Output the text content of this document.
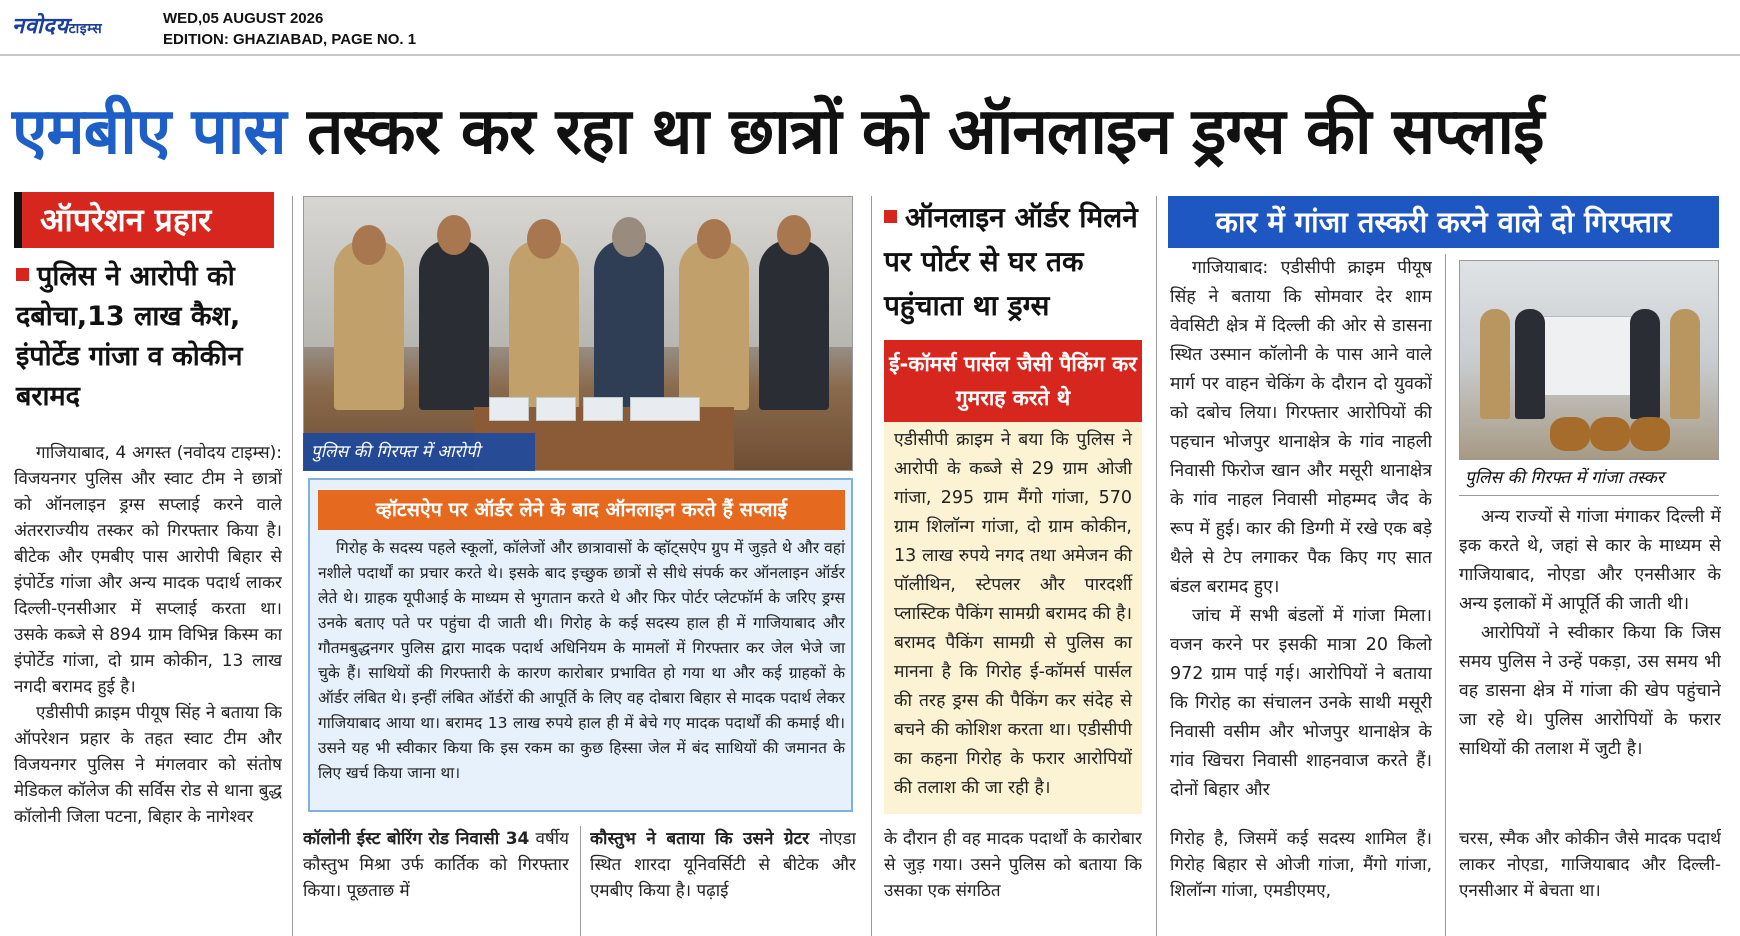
नवोदयटाइम्स
WED,05 AUGUST 2026
EDITION: GHAZIABAD, PAGE NO. 1
एमबीए पास तस्कर कर रहा था छात्रों को ऑनलाइन ड्रग्स की सप्लाई
ऑपरेशन प्रहार
पुलिस ने आरोपी को दबोचा,13 लाख कैश, इंपोर्टेड गांजा व कोकीन बरामद

गाजियाबाद, 4 अगस्त (नवोदय टाइम्स): विजयनगर पुलिस और स्वाट टीम ने छात्रों को ऑनलाइन ड्रग्स सप्लाई करने वाले अंतरराज्यीय तस्कर को गिरफ्तार किया है। बीटेक और एमबीए पास आरोपी बिहार से इंपोर्टेड गांजा और अन्य मादक पदार्थ लाकर दिल्ली-एनसीआर में सप्लाई करता था। उसके कब्जे से 894 ग्राम विभिन्न किस्म का इंपोर्टेड गांजा, दो ग्राम कोकीन, 13 लाख नगदी बरामद हुई है।

एडीसीपी क्राइम पीयूष सिंह ने बताया कि ऑपरेशन प्रहार के तहत स्वाट टीम और विजयनगर पुलिस ने मंगलवार को संतोष मेडिकल कॉलेज की सर्विस रोड से थाना बुद्ध कॉलोनी जिला पटना, बिहार के नागेश्वर

पुलिस की गिरफ्त में आरोपी
व्हॉटसऐप पर ऑर्डर लेने के बाद ऑनलाइन करते हैं सप्लाई

गिरोह के सदस्य पहले स्कूलों, कॉलेजों और छात्रावासों के व्हॉट्सऐप ग्रुप में जुड़ते थे और वहां नशीले पदार्थों का प्रचार करते थे। इसके बाद इच्छुक छात्रों से सीधे संपर्क कर ऑनलाइन ऑर्डर लेते थे। ग्राहक यूपीआई के माध्यम से भुगतान करते थे और फिर पोर्टर प्लेटफॉर्म के जरिए ड्रग्स उनके बताए पते पर पहुंचा दी जाती थी। गिरोह के कई सदस्य हाल ही में गाजियाबाद और गौतमबुद्धनगर पुलिस द्वारा मादक पदार्थ अधिनियम के मामलों में गिरफ्तार कर जेल भेजे जा चुके हैं। साथियों की गिरफ्तारी के कारण कारोबार प्रभावित हो गया था और कई ग्राहकों के ऑर्डर लंबित थे। इन्हीं लंबित ऑर्डरों की आपूर्ति के लिए वह दोबारा बिहार से मादक पदार्थ लेकर गाजियाबाद आया था। बरामद 13 लाख रुपये हाल ही में बेचे गए मादक पदार्थों की कमाई थी। उसने यह भी स्वीकार किया कि इस रकम का कुछ हिस्सा जेल में बंद साथियों की जमानत के लिए खर्च किया जाना था।

कॉलोनी ईस्ट बोरिंग रोड निवासी 34 वर्षीय कौस्तुभ मिश्रा उर्फ कार्तिक को गिरफ्तार किया। पूछताछ में
कौस्तुभ ने बताया कि उसने ग्रेटर नोएडा स्थित शारदा यूनिवर्सिटी से बीटेक और एमबीए किया है। पढ़ाई
ऑनलाइन ऑर्डर मिलने पर पोर्टर से घर तक पहुंचाता था ड्रग्स
ई-कॉमर्स पार्सल जैसी पैकिंग कर गुमराह करते थे
एडीसीपी क्राइम ने बया कि पुलिस ने आरोपी के कब्जे से 29 ग्राम ओजी गांजा, 295 ग्राम मैंगो गांजा, 570 ग्राम शिलॉन्ग गांजा, दो ग्राम कोकीन, 13 लाख रुपये नगद तथा अमेजन की पॉलीथिन, स्टेपलर और पारदर्शी प्लास्टिक पैकिंग सामग्री बरामद की है। बरामद पैकिंग सामग्री से पुलिस का मानना है कि गिरोह ई-कॉमर्स पार्सल की तरह ड्रग्स की पैकिंग कर संदेह से बचने की कोशिश करता था। एडीसीपी का कहना गिरोह के फरार आरोपियों की तलाश की जा रही है।
के दौरान ही वह मादक पदार्थों के कारोबार से जुड़ गया। उसने पुलिस को बताया कि उसका एक संगठित
कार में गांजा तस्करी करने वाले दो गिरफ्तार

गाजियाबाद: एडीसीपी क्राइम पीयूष सिंह ने बताया कि सोमवार देर शाम वेवसिटी क्षेत्र में दिल्ली की ओर से डासना स्थित उस्मान कॉलोनी के पास आने वाले मार्ग पर वाहन चेकिंग के दौरान दो युवकों को दबोच लिया। गिरफ्तार आरोपियों की पहचान भोजपुर थानाक्षेत्र के गांव नाहली निवासी फिरोज खान और मसूरी थानाक्षेत्र के गांव नाहल निवासी मोहम्मद जैद के रूप में हुई। कार की डिग्गी में रखे एक बड़े थैले से टेप लगाकर पैक किए गए सात बंडल बरामद हुए।

जांच में सभी बंडलों में गांजा मिला। वजन करने पर इसकी मात्रा 20 किलो 972 ग्राम पाई गई। आरोपियों ने बताया कि गिरोह का संचालन उनके साथी मसूरी निवासी वसीम और भोजपुर थानाक्षेत्र के गांव खिचरा निवासी शाहनवाज करते हैं। दोनों बिहार और

गिरोह है, जिसमें कई सदस्य शामिल हैं। गिरोह बिहार से ओजी गांजा, मैंगो गांजा, शिलॉन्ग गांजा, एमडीएमए,
पुलिस की गिरफ्त में गांजा तस्कर

अन्य राज्यों से गांजा मंगाकर दिल्ली में इक करते थे, जहां से कार के माध्यम से गाजियाबाद, नोएडा और एनसीआर के अन्य इलाकों में आपूर्ति की जाती थी।

आरोपियों ने स्वीकार किया कि जिस समय पुलिस ने उन्हें पकड़ा, उस समय भी वह डासना क्षेत्र में गांजा की खेप पहुंचाने जा रहे थे। पुलिस आरोपियों के फरार साथियों की तलाश में जुटी है।

चरस, स्मैक और कोकीन जैसे मादक पदार्थ लाकर नोएडा, गाजियाबाद और दिल्ली-एनसीआर में बेचता था।
